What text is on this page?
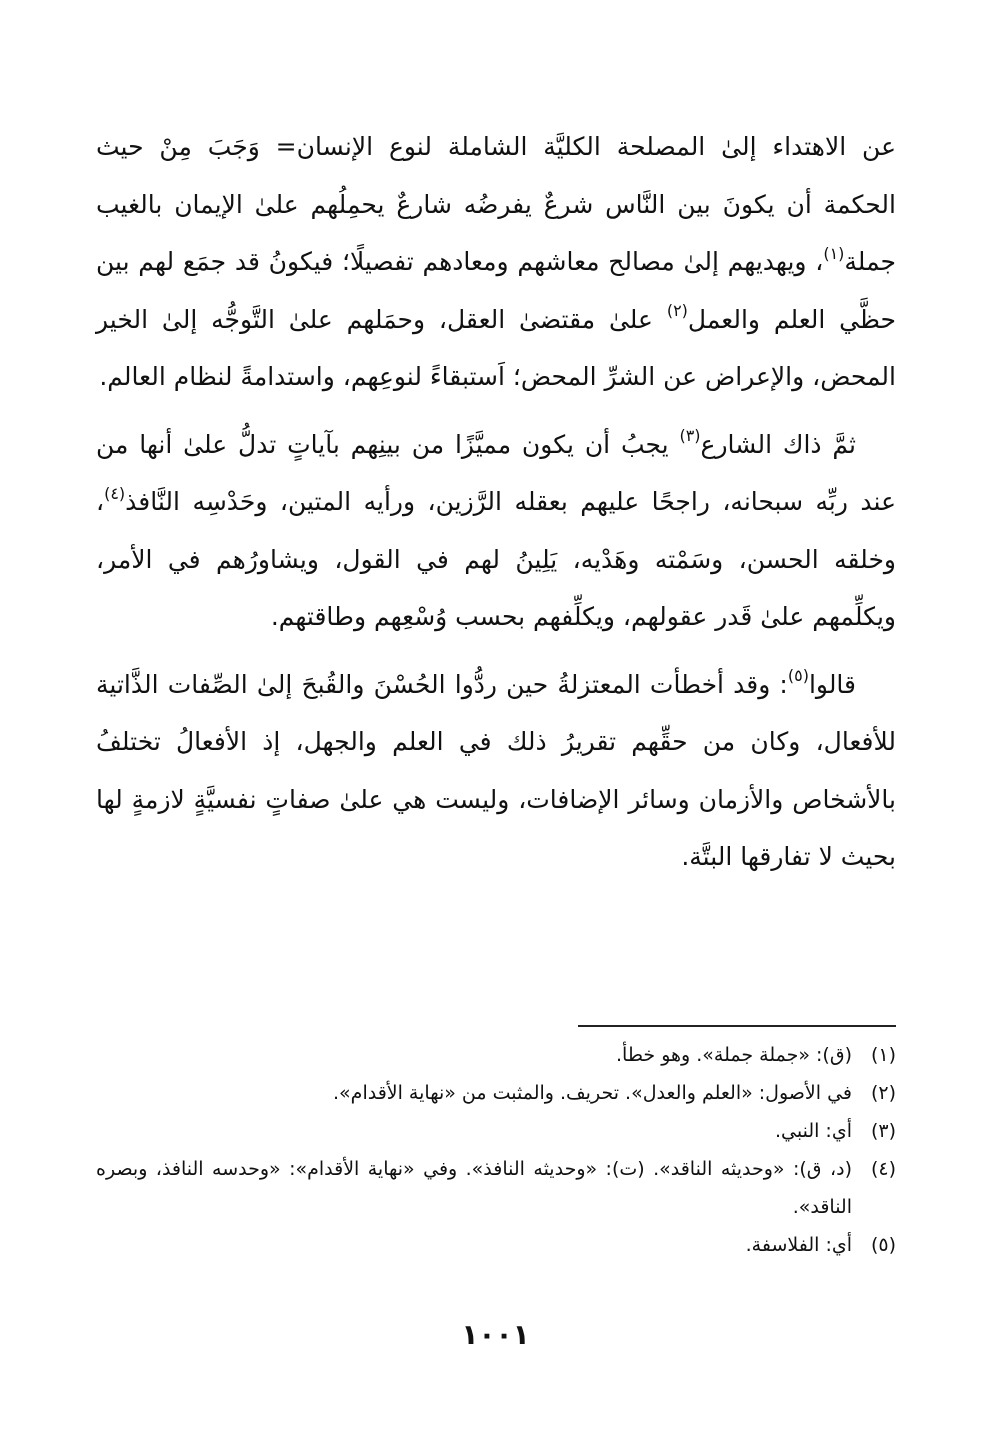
عن الاهتداء إلىٰ المصلحة الكليَّة الشاملة لنوع الإنسان= وَجَبَ مِنْ حيث الحكمة أن يكونَ بين النَّاس شرعٌ يفرضُه شارعٌ يحمِلُهم علىٰ الإيمان بالغيب جملة$^{(١)}$، ويهديهم إلىٰ مصالح معاشهم ومعادهم تفصيلًا؛ فيكونُ قد جمَع لهم بين حظَّي العلم والعمل$^{(٢)}$ علىٰ مقتضىٰ العقل، وحمَلهم علىٰ التَّوجُّه إلىٰ الخير المحض، والإعراض عن الشرِّ المحض؛ اَستبقاءً لنوعِهم، واستدامةً لنظام العالم.

ثمَّ ذاك الشارع$^{(٣)}$ يجبُ أن يكون مميَّزًا من بينِهم بآياتٍ تدلُّ علىٰ أنها من عند ربِّه سبحانه، راجحًا عليهم بعقله الرَّزين، ورأيه المتين، وحَدْسِه النَّافذ$^{(٤)}$، وخلقه الحسن، وسَمْته وهَدْيه، يَلِينُ لهم في القول، ويشاورُهم في الأمر، ويكلِّمهم علىٰ قَدر عقولهم، ويكلِّفهم بحسب وُسْعِهم وطاقتهم.

قالوا$^{(٥)}$: وقد أخطأت المعتزلةُ حين ردُّوا الحُسْنَ والقُبحَ إلىٰ الصِّفات الذَّاتية للأفعال، وكان من حقِّهم تقريرُ ذلك في العلم والجهل، إذ الأفعالُ تختلفُ بالأشخاص والأزمان وسائر الإضافات، وليست هي علىٰ صفاتٍ نفسيَّةٍ لازمةٍ لها بحيث لا تفارقها البتَّة.

(١)
(ق): «جملة جملة». وهو خطأ.
(٢)
في الأصول: «العلم والعدل». تحريف. والمثبت من «نهاية الأقدام».
(٣)
أي: النبي.
(٤)
(د، ق): «وحديثه الناقد». (ت): «وحديثه النافذ». وفي «نهاية الأقدام»: «وحدسه النافذ، وبصره الناقد».
(٥)
أي: الفلاسفة.
١٠٠١
